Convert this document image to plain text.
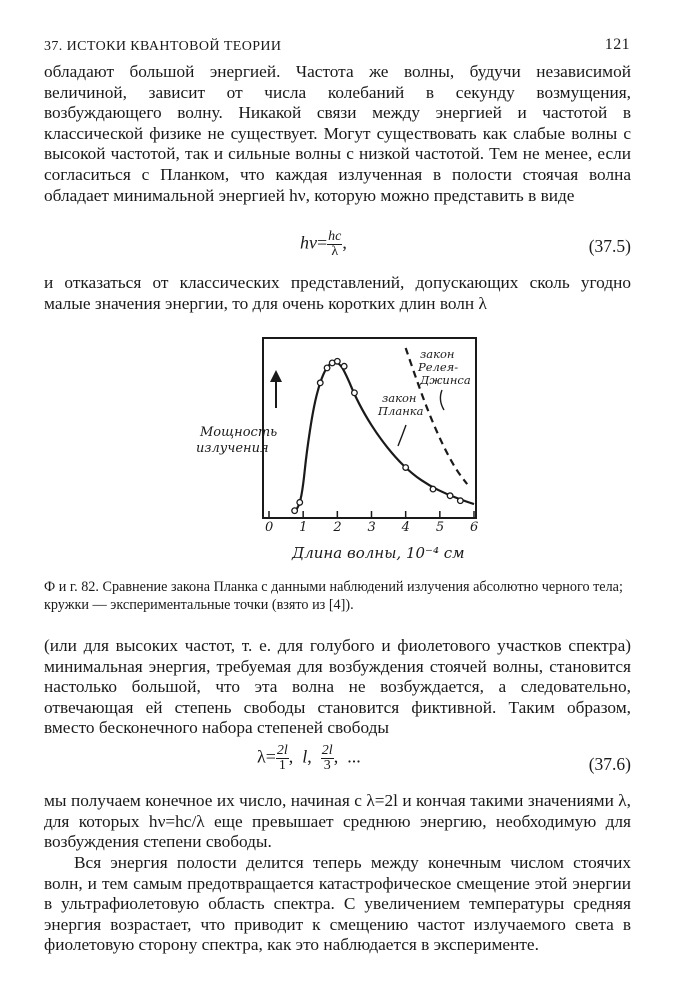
37. ИСТОКИ КВАНТОВОЙ ТЕОРИИ	121

обладают большой энергией. Частота же волны, будучи независимой величиной, зависит от числа колебаний в секунду возмущения, возбуждающего волну. Никакой связи между энергией и частотой в классической физике не существует. Могут существовать как слабые волны с высокой частотой, так и сильные волны с низкой частотой. Тем не менее, если согласиться с Планком, что каждая излученная в полости стоячая волна обладает минимальной энергией hν, которую можно представить в виде

$h\nu= \frac{hc}{\lambda}$ ,	(37.5)

и отказаться от классических представлений, допускающих сколь угодно малые значения энергии, то для очень коротких длин волн λ

0 1 2 3 4 5 6
Мощность излучения
Длина волны, 10⁻⁴ см
закон Релея- Джинса
закон Планка
Ф и г. 82. Сравнение закона Планка с данными наблюдений излучения абсолютно черного тела; кружки — экспериментальные точки (взято из [4]).

(или для высоких частот, т. е. для голубого и фиолетового участков спектра) минимальная энергия, требуемая для возбуждения стоячей волны, становится настолько большой, что эта волна не возбуждается, а следовательно, отвечающая ей степень свободы становится фиктивной. Таким образом, вместо бесконечного набора степеней свободы

$\lambda= \frac{2l}{1}$ , l, $\frac{2l}{3}$ , ...	(37.6)

мы получаем конечное их число, начиная с λ=2l и кончая такими значениями λ, для которых hν=hc/λ еще превышает среднюю энергию, необходимую для возбуждения степени свободы.

Вся энергия полости делится теперь между конечным числом стоячих волн, и тем самым предотвращается катастрофическое смещение этой энергии в ультрафиолетовую область спектра. С увеличением температуры средняя энергия возрастает, что приводит к смещению частот излучаемого света в фиолетовую сторону спектра, как это наблюдается в эксперименте.
